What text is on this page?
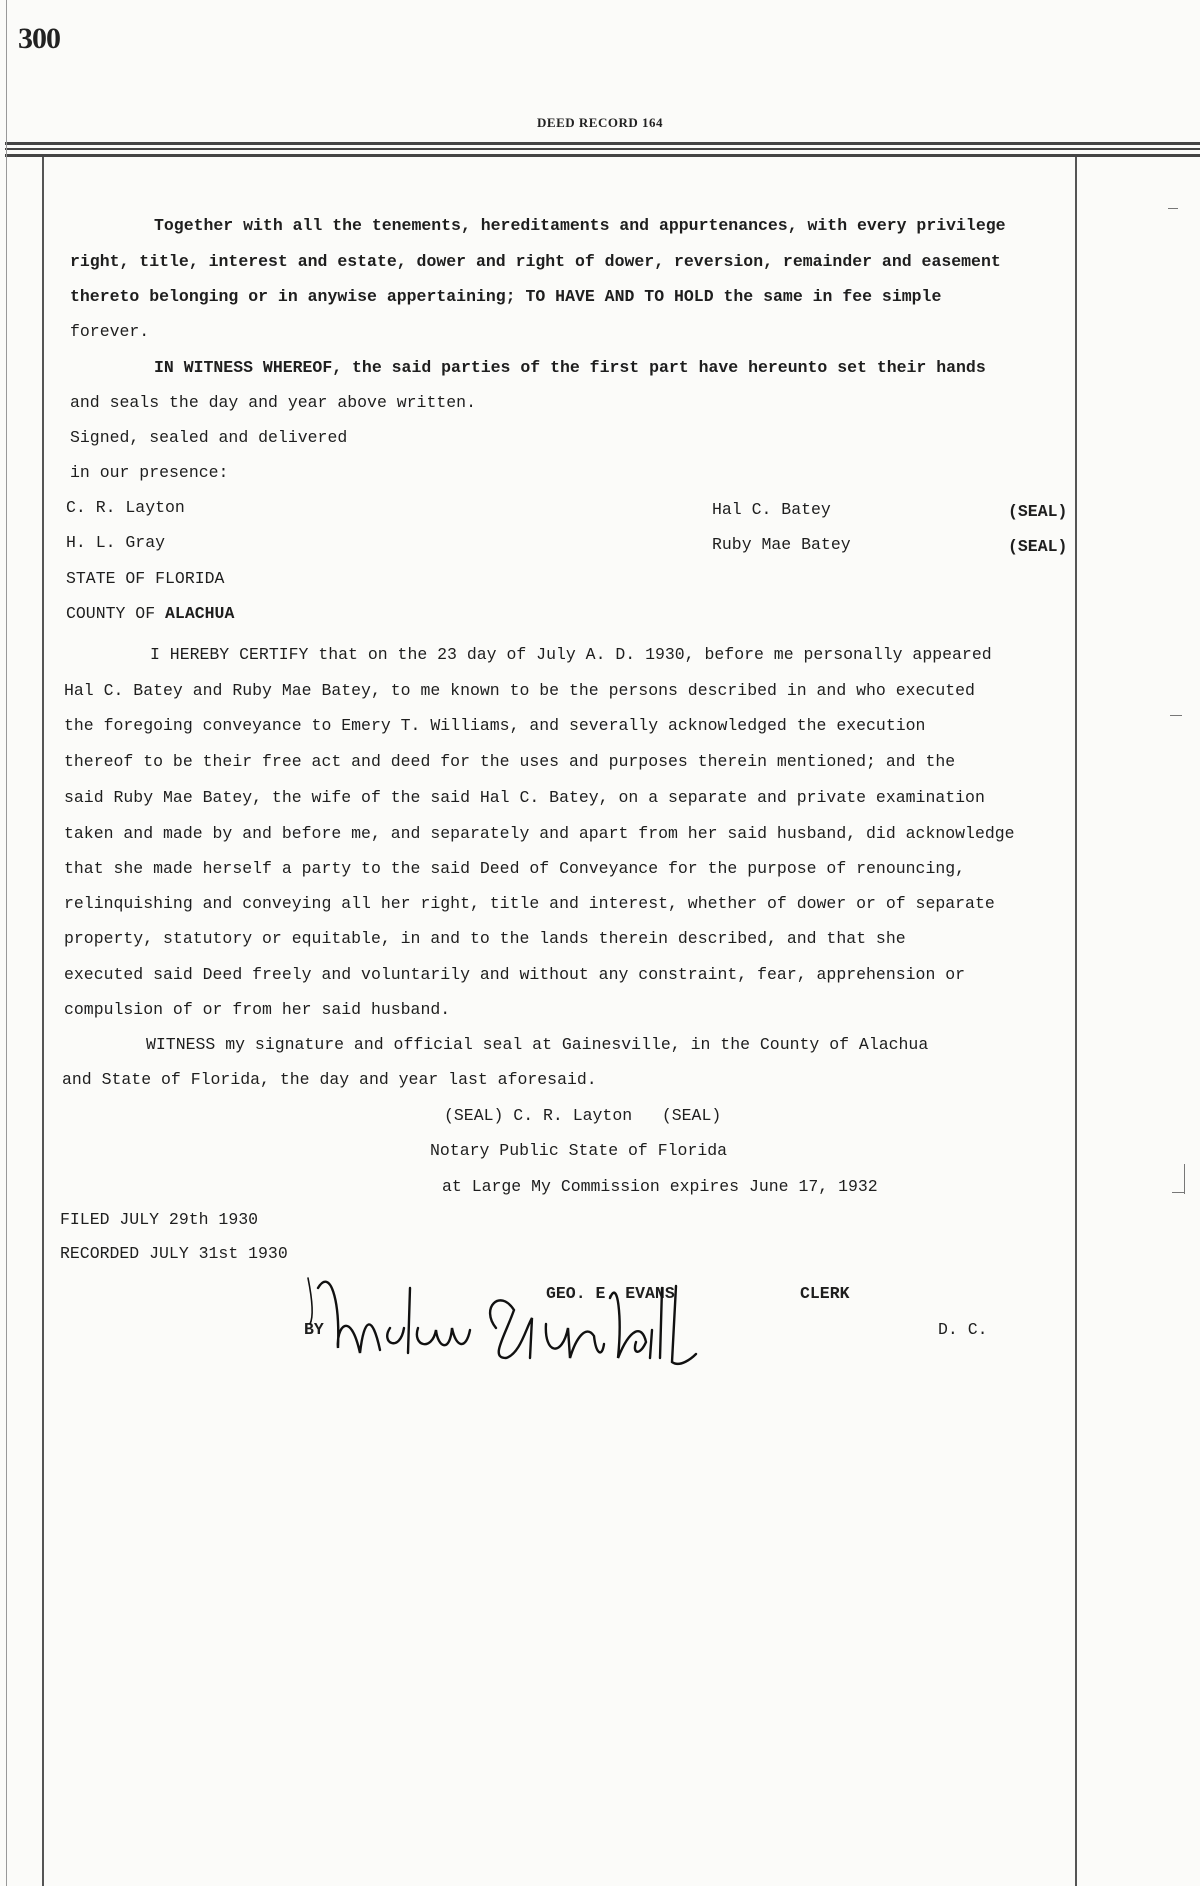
300
DEED RECORD 164
Together with all the tenements, hereditaments and appurtenances, with every privilege
right, title, interest and estate, dower and right of dower, reversion, remainder and easement
thereto belonging or in anywise appertaining; TO HAVE AND TO HOLD the same in fee simple
forever.
IN WITNESS WHEREOF, the said parties of the first part have hereunto set their hands
and seals the day and year above written.
Signed, sealed and delivered
in our presence:
C. R. Layton	Hal C. Batey	(SEAL)
H. L. Gray	Ruby Mae Batey	(SEAL)
STATE OF FLORIDA
COUNTY OF ALACHUA
I HEREBY CERTIFY that on the 23 day of July A. D. 1930, before me personally appeared
Hal C. Batey and Ruby Mae Batey, to me known to be the persons described in and who executed
the foregoing conveyance to Emery T. Williams, and severally acknowledged the execution
thereof to be their free act and deed for the uses and purposes therein mentioned; and the
said Ruby Mae Batey, the wife of the said Hal C. Batey, on a separate and private examination
taken and made by and before me, and separately and apart from her said husband, did acknowledge
that she made herself a party to the said Deed of Conveyance for the purpose of renouncing,
relinquishing and conveying all her right, title and interest, whether of dower or of separate
property, statutory or equitable, in and to the lands therein described, and that she
executed said Deed freely and voluntarily and without any constraint, fear, apprehension or
compulsion of or from her said husband.
WITNESS my signature and official seal at Gainesville, in the County of Alachua
and State of Florida, the day and year last aforesaid.
(SEAL) C. R. Layton   (SEAL)
Notary Public State of Florida
at Large My Commission expires June 17, 1932
FILED JULY 29th 1930
RECORDED JULY 31st 1930
GEO. E. EVANS	CLERK
BY	D. C.
